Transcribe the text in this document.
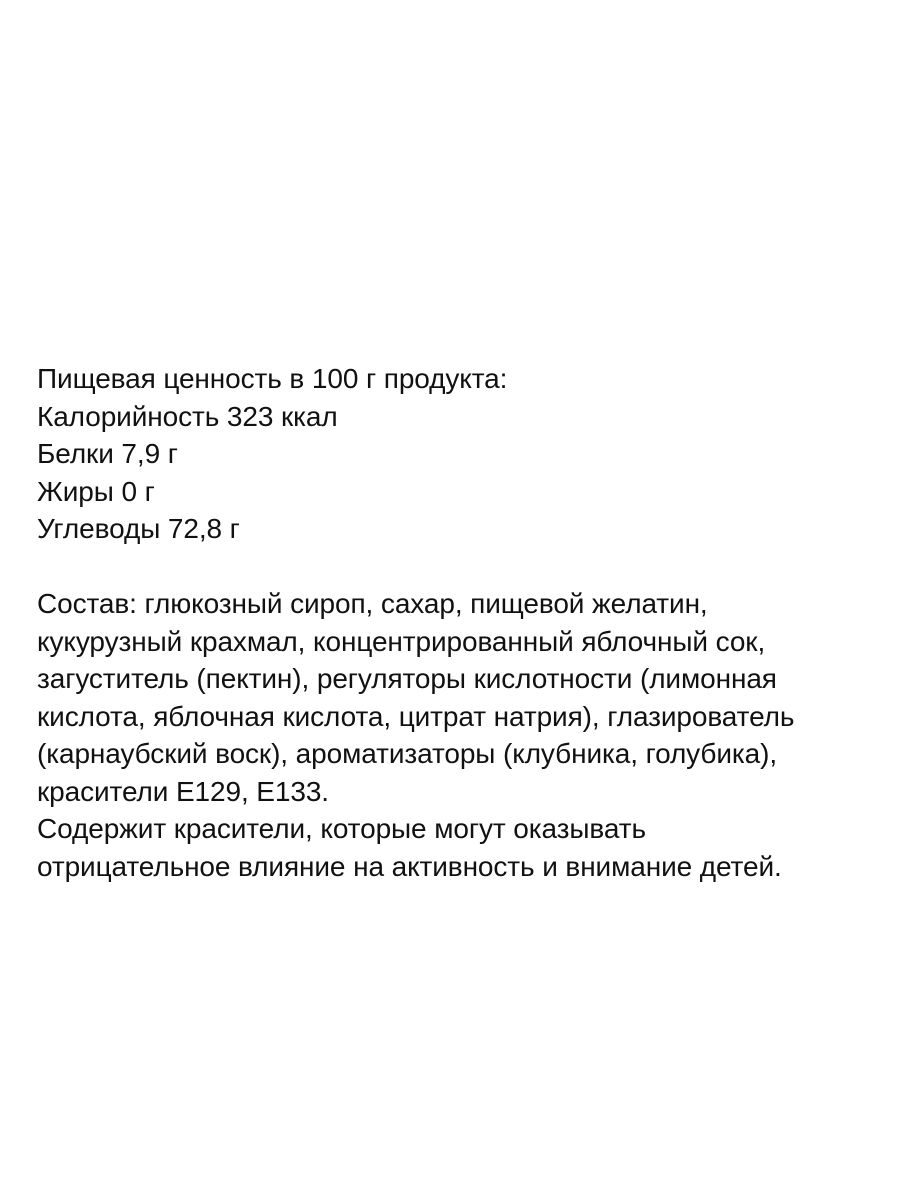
Пищевая ценность в 100 г продукта:
Калорийность 323 ккал
Белки 7,9 г
Жиры 0 г
Углеводы 72,8 г
Состав: глюкозный сироп, сахар, пищевой желатин,
кукурузный крахмал, концентрированный яблочный сок,
загуститель (пектин), регуляторы кислотности (лимонная
кислота, яблочная кислота, цитрат натрия), глазирователь
(карнаубский воск), ароматизаторы (клубника, голубика),
красители Е129, Е133.
Содержит красители, которые могут оказывать
отрицательное влияние на активность и внимание детей.
